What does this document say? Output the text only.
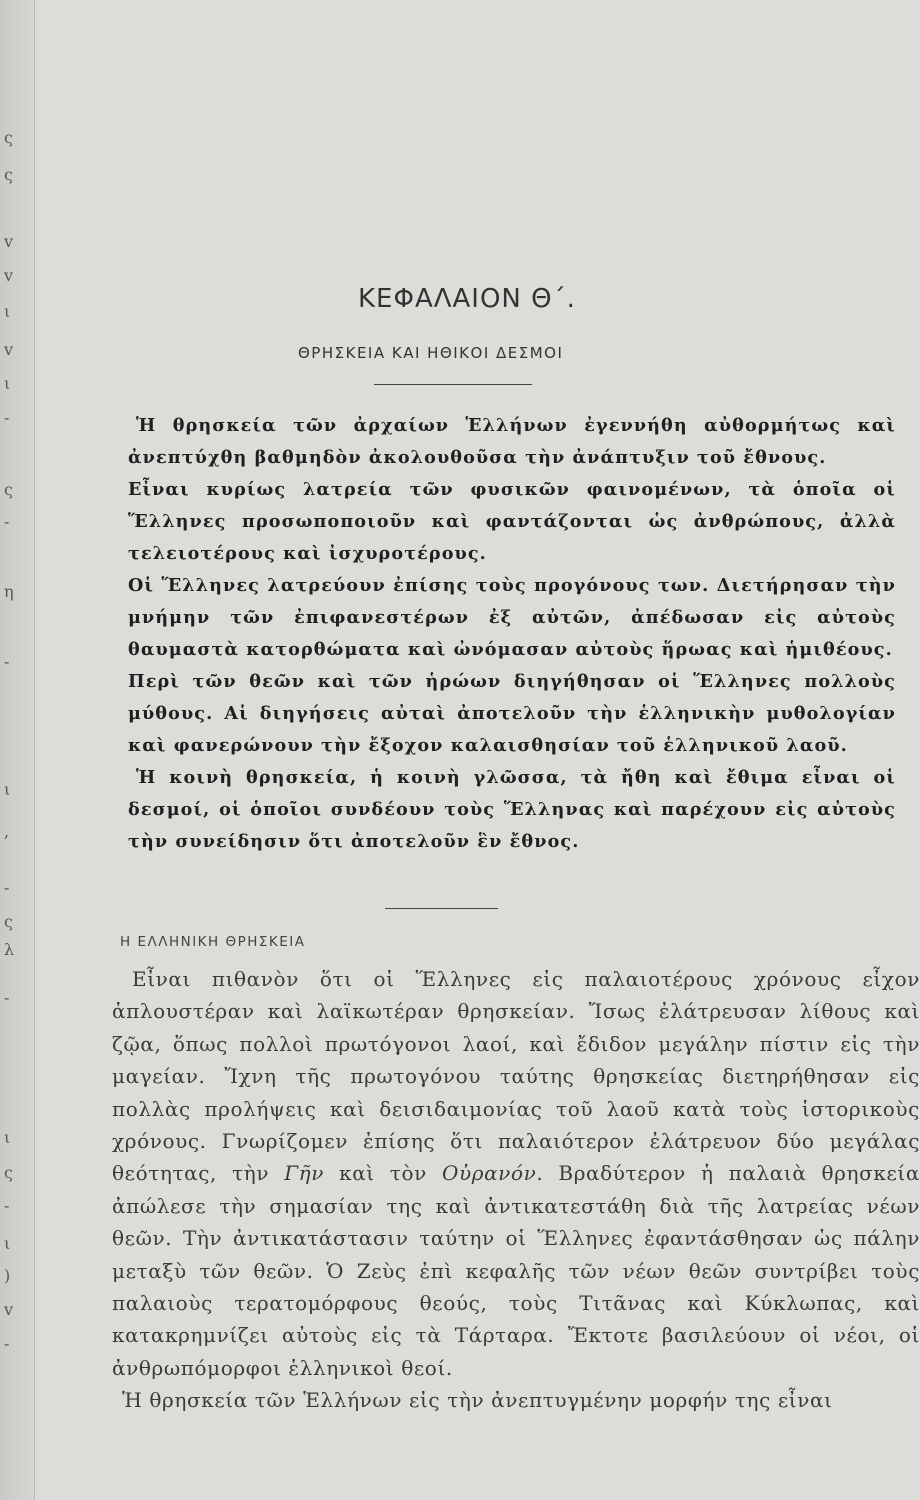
ς
ς
v
v
ι
v
ι
-
ς
-
η
-
ι
,
-
ς
λ
-
ι
ς
-
ι
)
v
-
ΚΕΦΑΛΑΙΟΝ Θ΄.
ΘΡΗΣΚΕΙΑ ΚΑΙ ΗΘΙΚΟΙ ΔΕΣΜΟΙ

Ἡ θρησκεία τῶν ἀρχαίων Ἑλλήνων ἐγεννήθη αὐθορμήτως καὶ ἀνεπτύχθη βαθμηδὸν ἀκολουθοῦσα τὴν ἀνάπτυξιν τοῦ ἔθνους.

Εἶναι κυρίως λατρεία τῶν φυσικῶν φαινομένων, τὰ ὁποῖα οἱ Ἕλληνες προσωποποιοῦν καὶ φαντάζονται ὡς ἀνθρώπους, ἀλλὰ τελειοτέρους καὶ ἰσχυροτέρους.

Οἱ Ἕλληνες λατρεύουν ἐπίσης τοὺς προγόνους των. Διετήρησαν τὴν μνήμην τῶν ἐπιφανεστέρων ἐξ αὐτῶν, ἀπέδωσαν εἰς αὐτοὺς θαυμαστὰ κατορθώματα καὶ ὠνόμασαν αὐτοὺς ἥρωας καὶ ἡμιθέους.

Περὶ τῶν θεῶν καὶ τῶν ἡρώων διηγήθησαν οἱ Ἕλληνες πολλοὺς μύθους. Αἱ διηγήσεις αὐταὶ ἀποτελοῦν τὴν ἑλληνικὴν μυθολογίαν καὶ φανερώνουν τὴν ἔξοχον καλαισθησίαν τοῦ ἑλληνικοῦ λαοῦ.

Ἡ κοινὴ θρησκεία, ἡ κοινὴ γλῶσσα, τὰ ἤθη καὶ ἔθιμα εἶναι οἱ δεσμοί, οἱ ὁποῖοι συνδέουν τοὺς Ἕλληνας καὶ παρέχουν εἰς αὐτοὺς τὴν συνείδησιν ὅτι ἀποτελοῦν ἓν ἔθνος.

Η ΕΛΛΗΝΙΚΗ ΘΡΗΣΚΕΙΑ

Εἶναι πιθανὸν ὅτι οἱ Ἕλληνες εἰς παλαιοτέρους χρόνους εἶχον ἁπλουστέραν καὶ λαϊκωτέραν θρησκείαν. Ἴσως ἐλάτρευσαν λίθους καὶ ζῷα, ὅπως πολλοὶ πρωτόγονοι λαοί, καὶ ἔδιδον μεγάλην πίστιν εἰς τὴν μαγείαν. Ἴχνη τῆς πρωτογόνου ταύτης θρησκείας διετηρήθησαν εἰς πολλὰς προλήψεις καὶ δεισιδαιμονίας τοῦ λαοῦ κατὰ τοὺς ἱστορικοὺς χρόνους. Γνωρίζομεν ἐπίσης ὅτι παλαιότερον ἐλάτρευον δύο μεγάλας θεότητας, τὴν Γῆν καὶ τὸν Οὐρανόν. Βραδύτερον ἡ παλαιὰ θρησκεία ἀπώλεσε τὴν σημασίαν της καὶ ἀντικατεστάθη διὰ τῆς λατρείας νέων θεῶν. Τὴν ἀντικατάστασιν ταύτην οἱ Ἕλληνες ἐφαντάσθησαν ὡς πάλην μεταξὺ τῶν θεῶν. Ὁ Ζεὺς ἐπὶ κεφαλῆς τῶν νέων θεῶν συντρίβει τοὺς παλαιοὺς τερατομόρφους θεούς, τοὺς Τιτᾶνας καὶ Κύκλωπας, καὶ κατακρημνίζει αὐτοὺς εἰς τὰ Τάρταρα. Ἔκτοτε βασιλεύουν οἱ νέοι, οἱ ἀνθρωπόμορφοι ἑλληνικοὶ θεοί.

Ἡ θρησκεία τῶν Ἑλλήνων εἰς τὴν ἀνεπτυγμένην μορφήν της εἶναι
